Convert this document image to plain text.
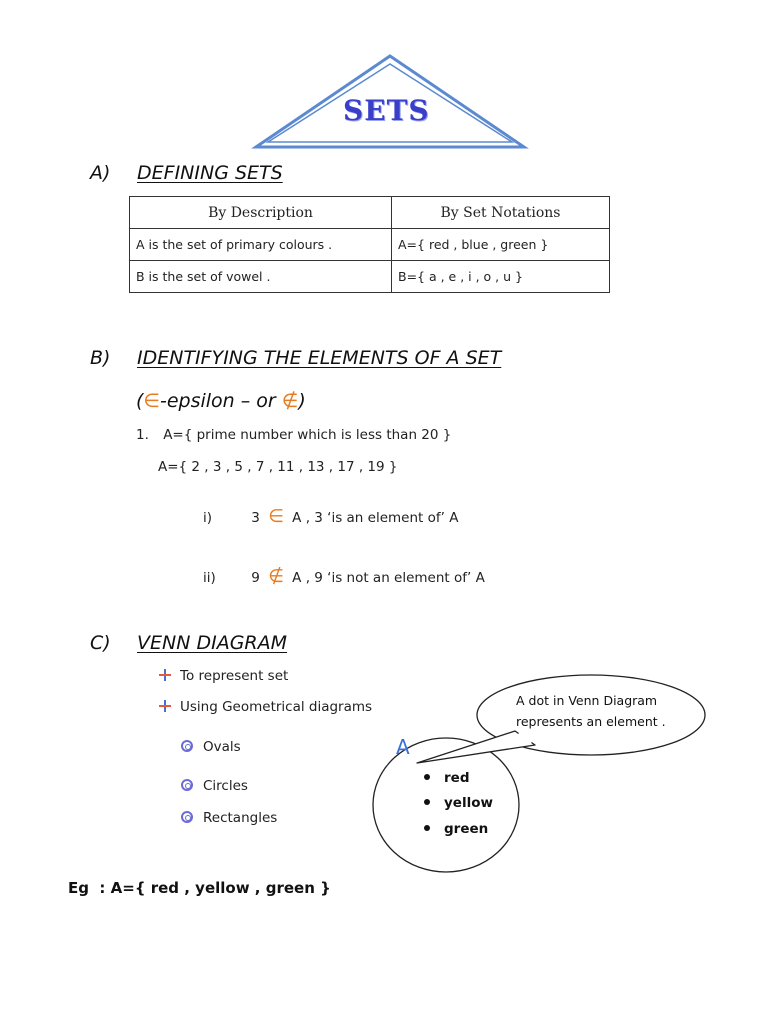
SETS
A) DEFINING SETS
By Description	By Set Notations
A is the set of primary colours .	A={ red , blue , green }
B is the set of vowel .	B={ a , e , i , o , u }
B) IDENTIFYING THE ELEMENTS OF A SET
(∈-epsilon – or ∉)
1. A={ prime number which is less than 20 }
A={ 2 , 3 , 5 , 7 , 11 , 13 , 17 , 19 }
i)	3 ∈ A , 3 ‘is an element of’ A
ii)	9 ∉ A , 9 ‘is not an element of’ A
C) VENN DIAGRAM
To represent set
Using Geometrical diagrams
Ovals
Circles
Rectangles
A
A dot in Venn Diagram represents an element .
red
yellow
green
Eg  : A={ red , yellow , green }
